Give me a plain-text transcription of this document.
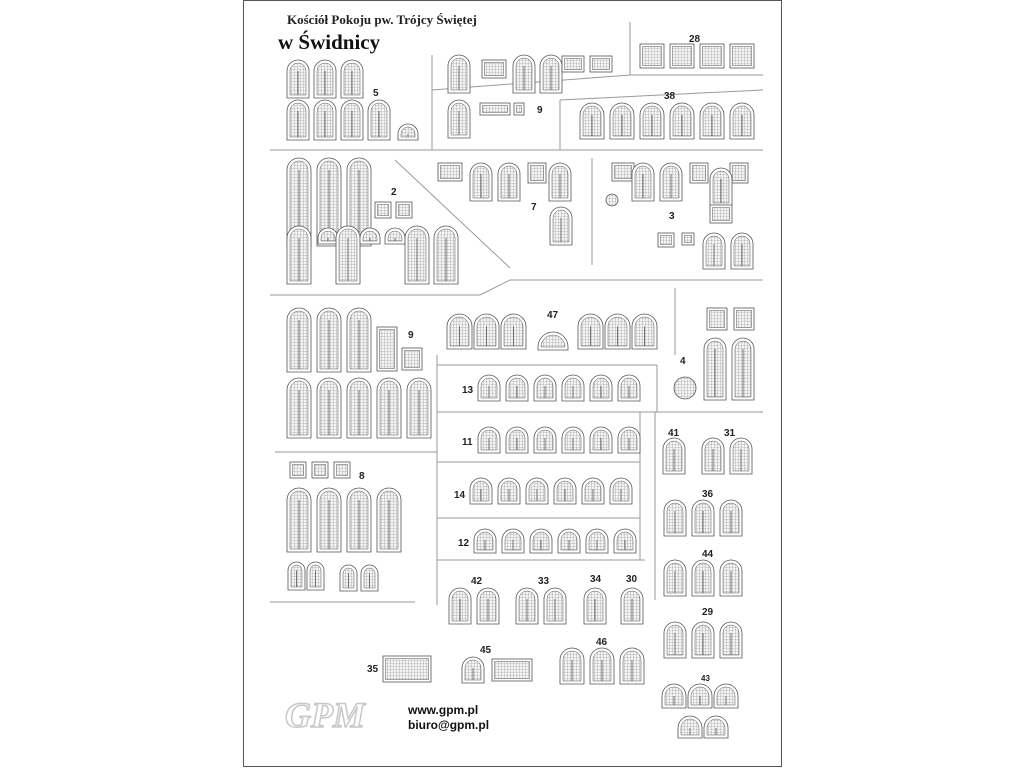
Kościół Pokoju pw. Trójcy Świętej
w Świdnicy
5
28
9
38
2
7
3
9
47
4
13
11
41	31
8
14	36
12
44
42	33	34 30
29
35
45
46
43
GPM	www.gpm.pl
biuro@gpm.pl
